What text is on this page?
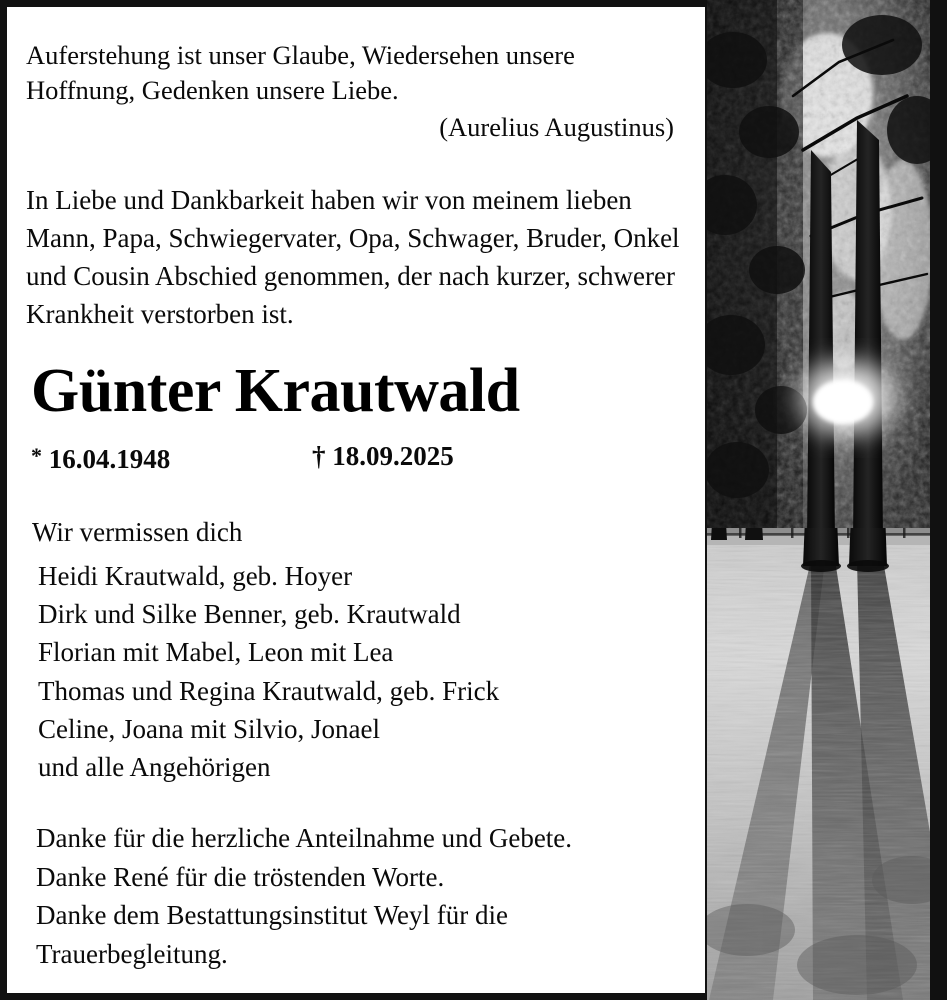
Auferstehung ist unser Glaube, Wiedersehen unsere
Hoffnung, Gedenken unsere Liebe.
(Aurelius Augustinus)
In Liebe und Dankbarkeit haben wir von meinem lieben Mann, Papa, Schwiegervater, Opa, Schwager, Bruder, Onkel und Cousin Abschied genommen, der nach kurzer, schwerer Krankheit verstorben ist.
Günter Krautwald
* 16.04.1948	† 18.09.2025
Wir vermissen dich
Heidi Krautwald, geb. Hoyer
Dirk und Silke Benner, geb. Krautwald
Florian mit Mabel, Leon mit Lea
Thomas und Regina Krautwald, geb. Frick
Celine, Joana mit Silvio, Jonael
und alle Angehörigen
Danke für die herzliche Anteilnahme und Gebete.
Danke René für die tröstenden Worte.
Danke dem Bestattungsinstitut Weyl für die
Trauerbegleitung.
